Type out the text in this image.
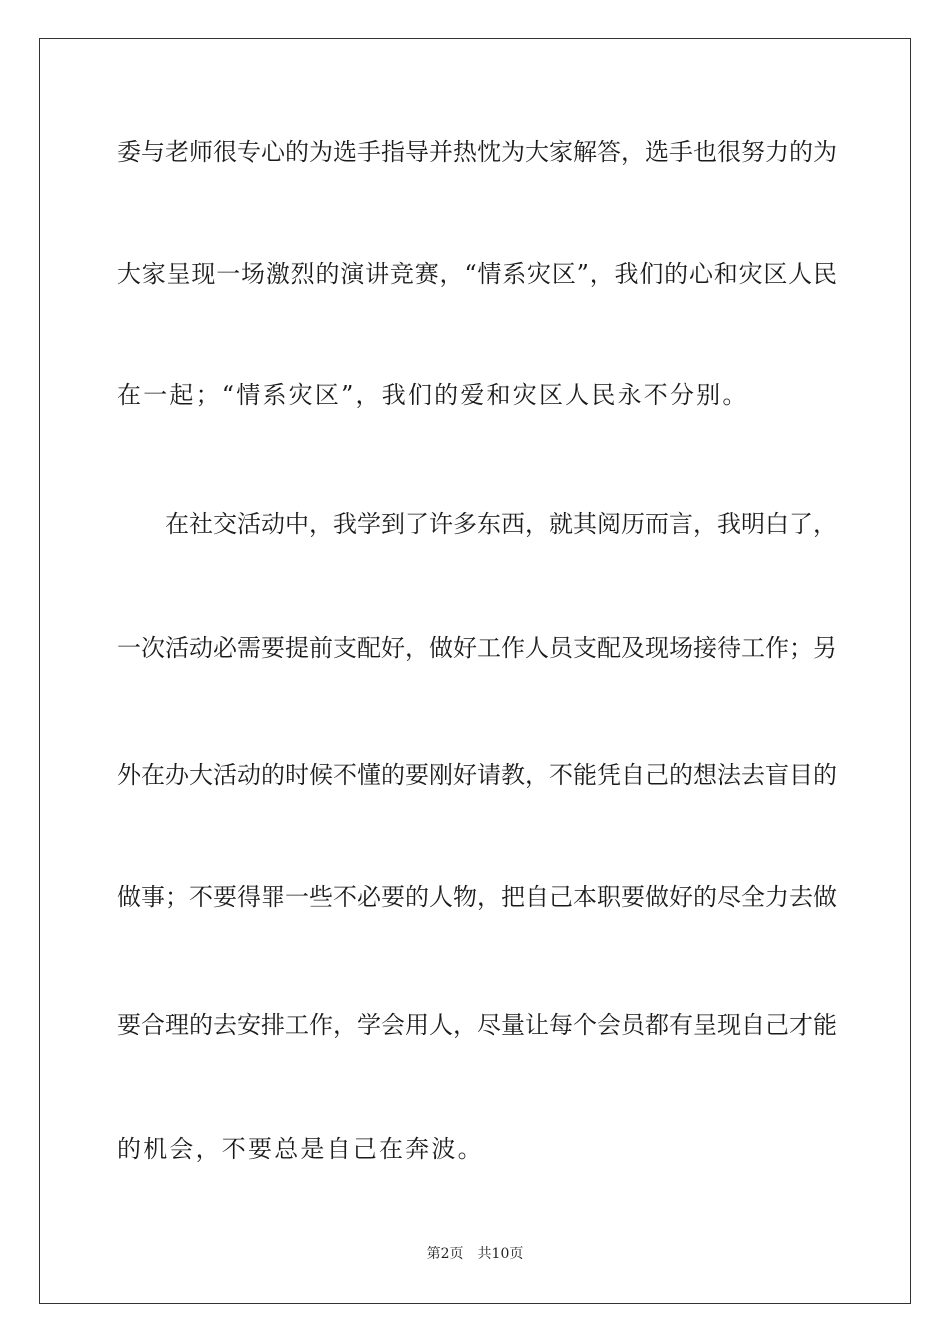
委与老师很专心的为选手指导并热忱为大家解答，选手也很努力的为
大家呈现一场激烈的演讲竞赛，“情系灾区”，我们的心和灾区人民
在一起；“情系灾区”，我们的爱和灾区人民永不分别。
在社交活动中，我学到了许多东西，就其阅历而言，我明白了，
一次活动必需要提前支配好，做好工作人员支配及现场接待工作；另
外在办大活动的时候不懂的要刚好请教，不能凭自己的想法去盲目的
做事；不要得罪一些不必要的人物，把自己本职要做好的尽全力去做
要合理的去安排工作，学会用人，尽量让每个会员都有呈现自己才能
的机会，不要总是自己在奔波。
第2页 共10页
